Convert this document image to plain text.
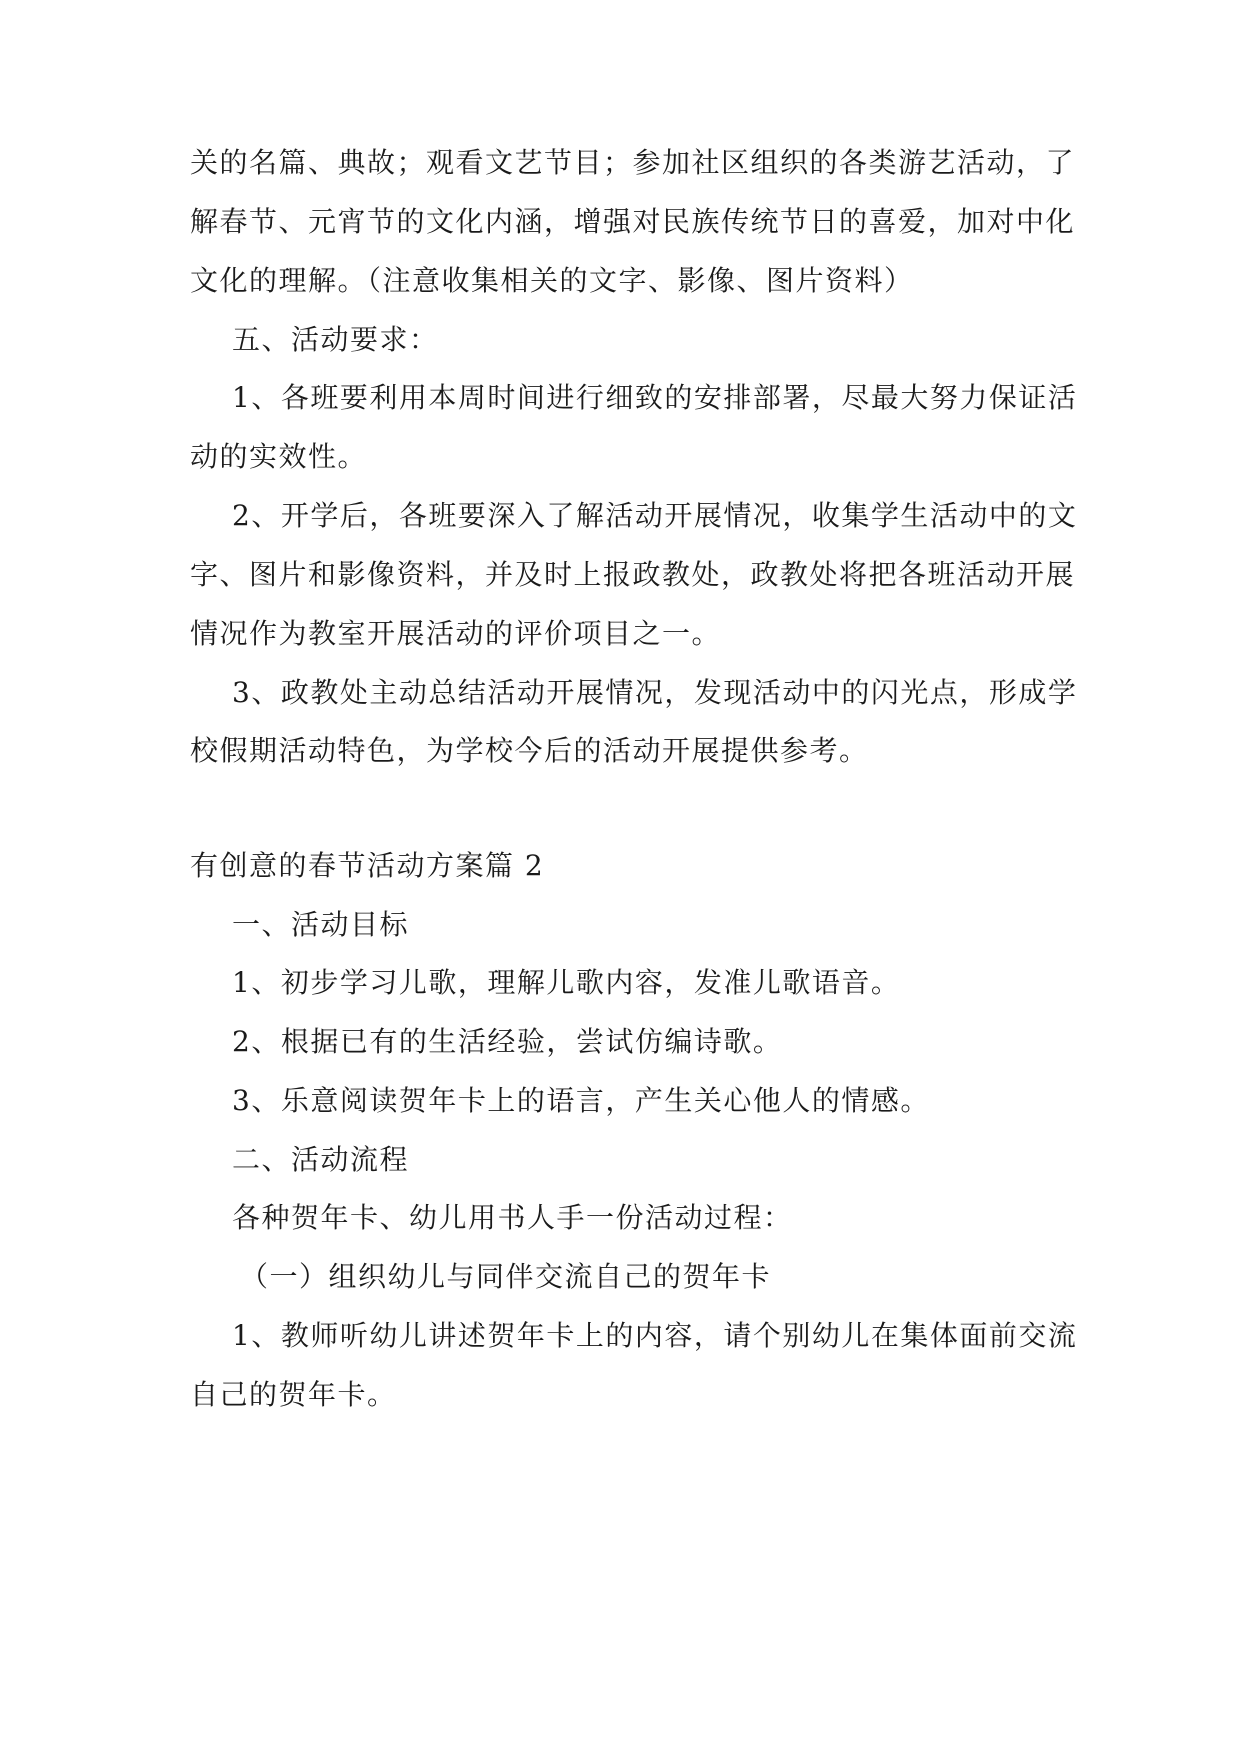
关的名篇、典故；观看文艺节目；参加社区组织的各类游艺活动，了
解春节、元宵节的文化内涵，增强对民族传统节日的喜爱，加对中化
文化的理解。（注意收集相关的文字、影像、图片资料）
五、活动要求：
1、各班要利用本周时间进行细致的安排部署，尽最大努力保证活
动的实效性。
2、开学后，各班要深入了解活动开展情况，收集学生活动中的文
字、图片和影像资料，并及时上报政教处，政教处将把各班活动开展
情况作为教室开展活动的评价项目之一。
3、政教处主动总结活动开展情况，发现活动中的闪光点，形成学
校假期活动特色，为学校今后的活动开展提供参考。
有创意的春节活动方案篇 2
一、活动目标
1、初步学习儿歌，理解儿歌内容，发准儿歌语音。
2、根据已有的生活经验，尝试仿编诗歌。
3、乐意阅读贺年卡上的语言，产生关心他人的情感。
二、活动流程
各种贺年卡、幼儿用书人手一份活动过程：
（一）组织幼儿与同伴交流自己的贺年卡
1、教师听幼儿讲述贺年卡上的内容，请个别幼儿在集体面前交流
自己的贺年卡。
